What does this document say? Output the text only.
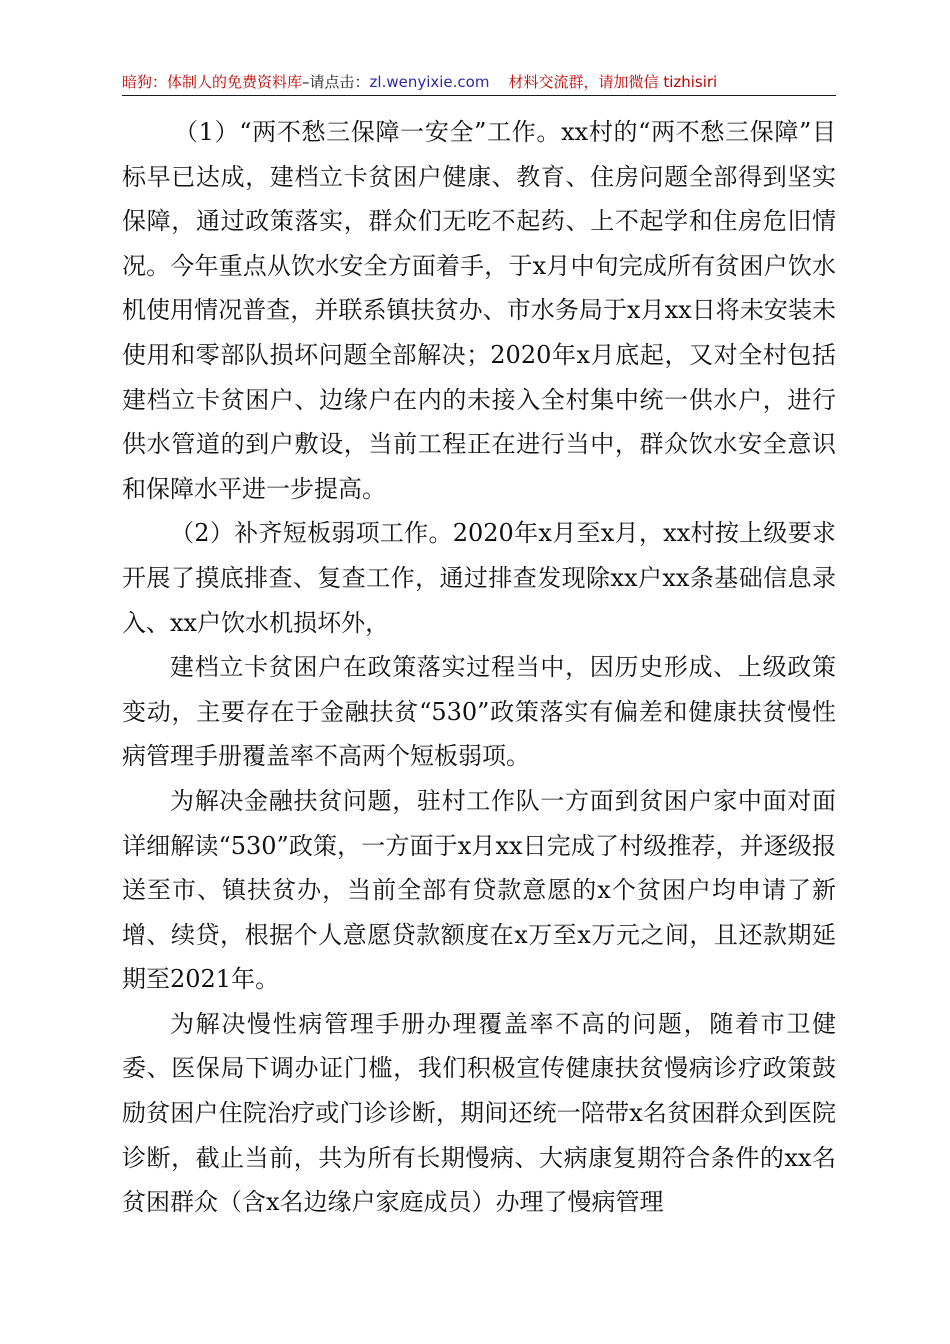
暗狗：体制人的免费资料库–请点击：zl.wenyixie.com 材料交流群，请加微信 tizhisiri

（1）“两不愁三保障一安全”工作。xx村的“两不愁三保障”目标早已达成，建档立卡贫困户健康、教育、住房问题全部得到坚实保障，通过政策落实，群众们无吃不起药、上不起学和住房危旧情况。今年重点从饮水安全方面着手，于x月中旬完成所有贫困户饮水机使用情况普查，并联系镇扶贫办、市水务局于x月xx日将未安装未使用和零部队损坏问题全部解决；2020年x月底起，又对全村包括建档立卡贫困户、边缘户在内的未接入全村集中统一供水户，进行供水管道的到户敷设，当前工程正在进行当中，群众饮水安全意识和保障水平进一步提高。

（2）补齐短板弱项工作。2020年x月至x月，xx村按上级要求开展了摸底排查、复查工作，通过排查发现除xx户xx条基础信息录入、xx户饮水机损坏外，

建档立卡贫困户在政策落实过程当中，因历史形成、上级政策变动，主要存在于金融扶贫“530”政策落实有偏差和健康扶贫慢性病管理手册覆盖率不高两个短板弱项。

为解决金融扶贫问题，驻村工作队一方面到贫困户家中面对面详细解读“530”政策，一方面于x月xx日完成了村级推荐，并逐级报送至市、镇扶贫办，当前全部有贷款意愿的x个贫困户均申请了新增、续贷，根据个人意愿贷款额度在x万至x万元之间，且还款期延期至2021年。

为解决慢性病管理手册办理覆盖率不高的问题，随着市卫健委、医保局下调办证门槛，我们积极宣传健康扶贫慢病诊疗政策鼓励贫困户住院治疗或门诊诊断，期间还统一陪带x名贫困群众到医院诊断，截止当前，共为所有长期慢病、大病康复期符合条件的xx名贫困群众（含x名边缘户家庭成员）办理了慢病管理
